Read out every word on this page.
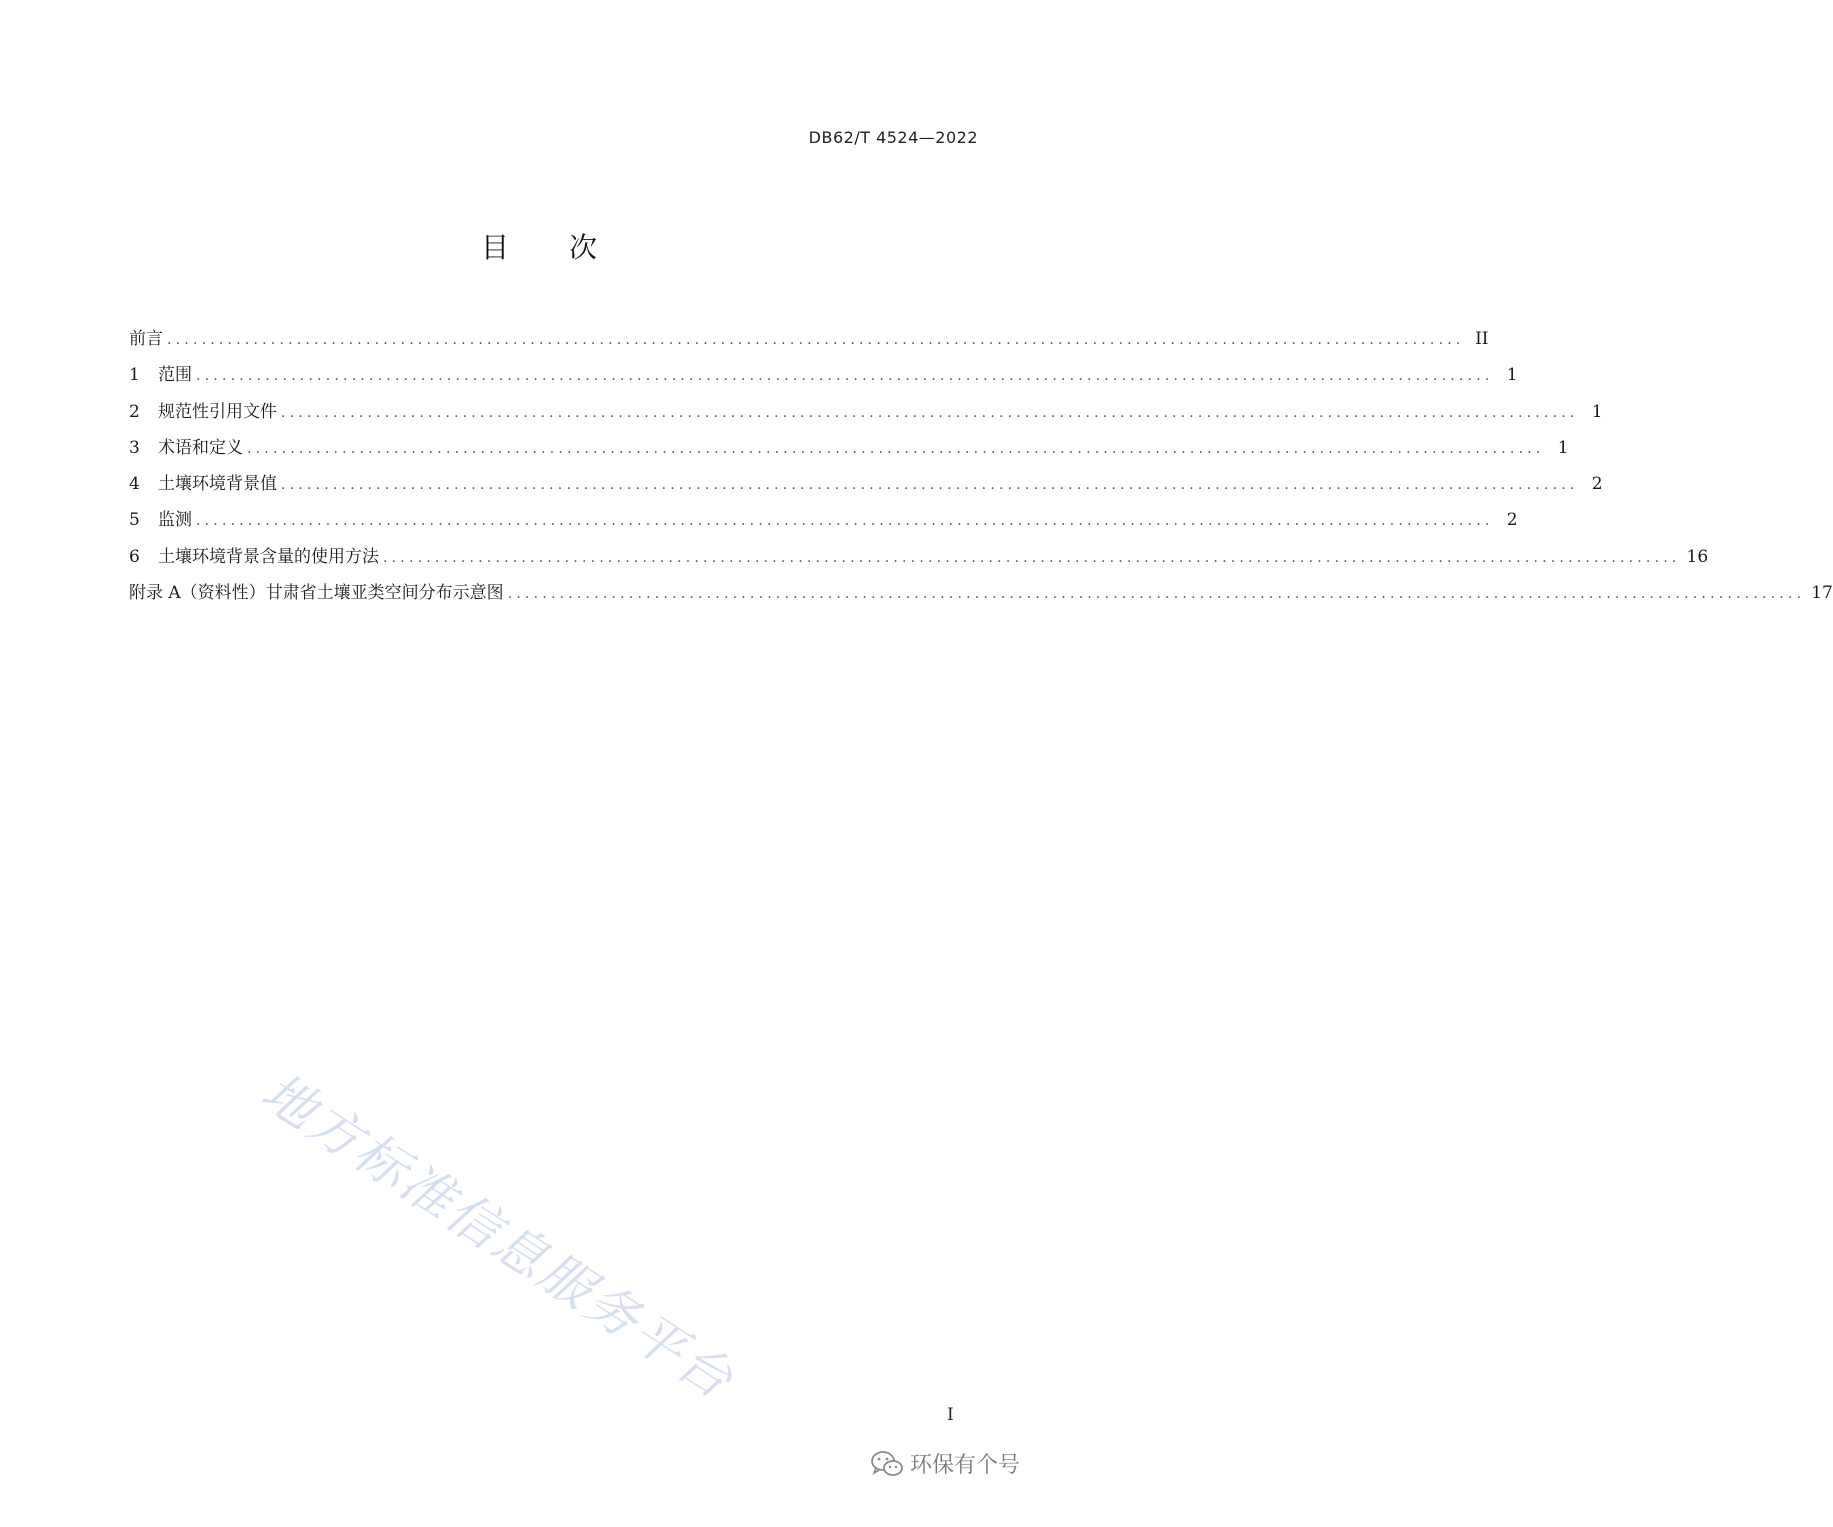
DB62/T 4524—2022
目 次
前言 ...................................................................................................................................................... II
1	范围 ...................................................................................................................................................... 1
2	规范性引用文件 ...................................................................................................................................................... 1
3	术语和定义 ...................................................................................................................................................... 1
4	土壤环境背景值 ...................................................................................................................................................... 2
5	监测 ...................................................................................................................................................... 2
6	土壤环境背景含量的使用方法 ...................................................................................................................................................... 16
附录 A（资料性） 甘肃省土壤亚类空间分布示意图 ...................................................................................................................................................... 17
地方标准信息服务平台
I
环保有个号
